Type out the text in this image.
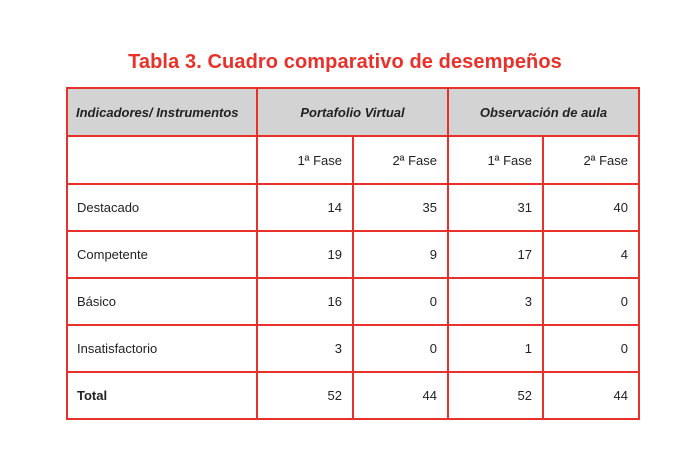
Tabla 3. Cuadro comparativo de desempeños
Indicadores/ Instrumentos	Portafolio Virtual		Observación de aula	
	1ª Fase	2ª Fase	1ª Fase	2ª Fase
Destacado	14	35	31	40
Competente	19	9	17	4
Básico	16	0	3	0
Insatisfactorio	3	0	1	0
Total	52	44	52	44
